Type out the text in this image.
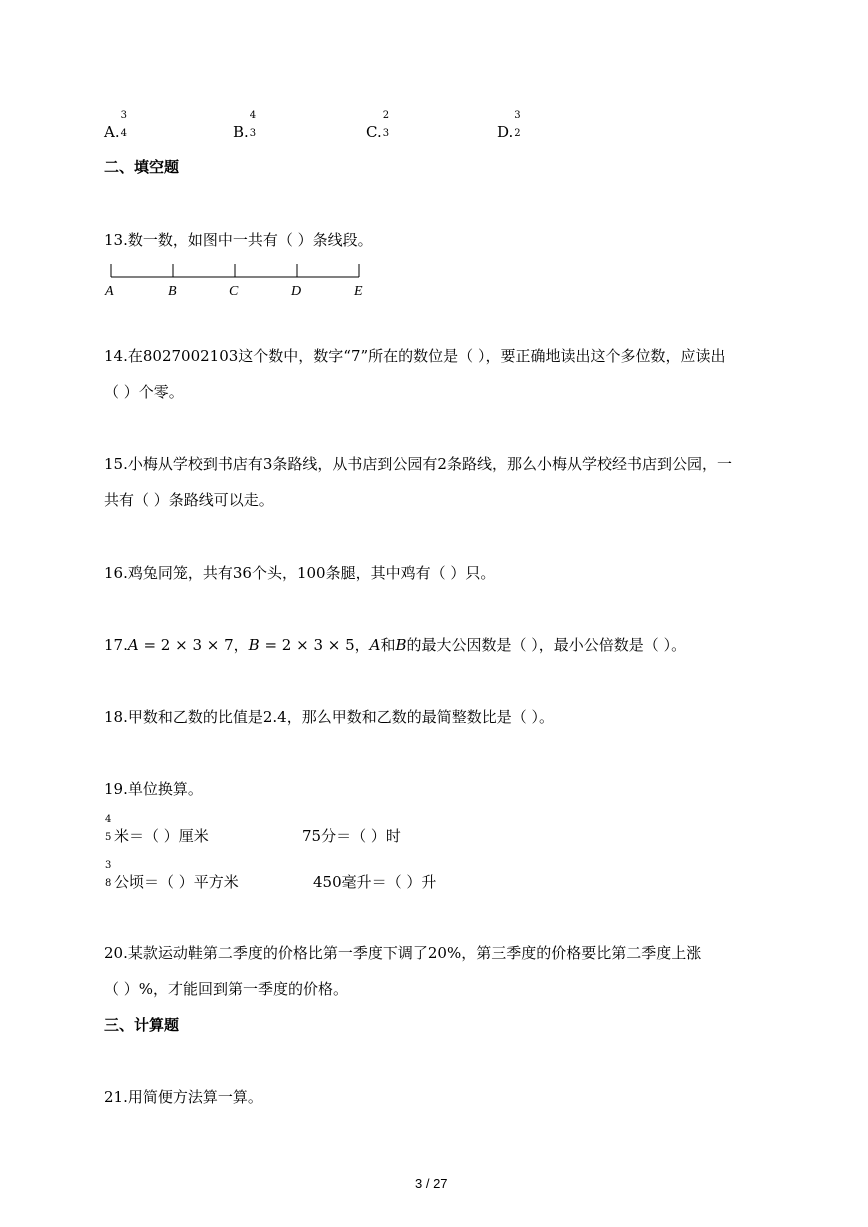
A.
3
4	B.
4
3	C.
2
3	D.
3
2
二、填空题
13.数一数，如图中一共有（ ）条线段。
A	B	C	D	E
14.在8027002103这个数中，数字“7”所在的数位是（ ），要正确地读出这个多位数，应读出
（ ）个零。
15.小梅从学校到书店有3条路线，从书店到公园有2条路线，那么小梅从学校经书店到公园，一
共有（ ）条路线可以走。
16.鸡兔同笼，共有36个头，100条腿，其中鸡有（ ）只。
17.A = 2 × 3 × 7，B = 2 × 3 × 5，A和B的最大公因数是（ ），最小公倍数是（ ）。
18.甲数和乙数的比值是2.4，那么甲数和乙数的最简整数比是（ ）。
19.单位换算。
4
5 米＝（ ）厘米	75分＝（ ）时
3
8 公顷＝（ ）平方米	450毫升＝（ ）升
20.某款运动鞋第二季度的价格比第一季度下调了20%，第三季度的价格要比第二季度上涨
（ ）%，才能回到第一季度的价格。
三、计算题
21.用简便方法算一算。
3 / 27
